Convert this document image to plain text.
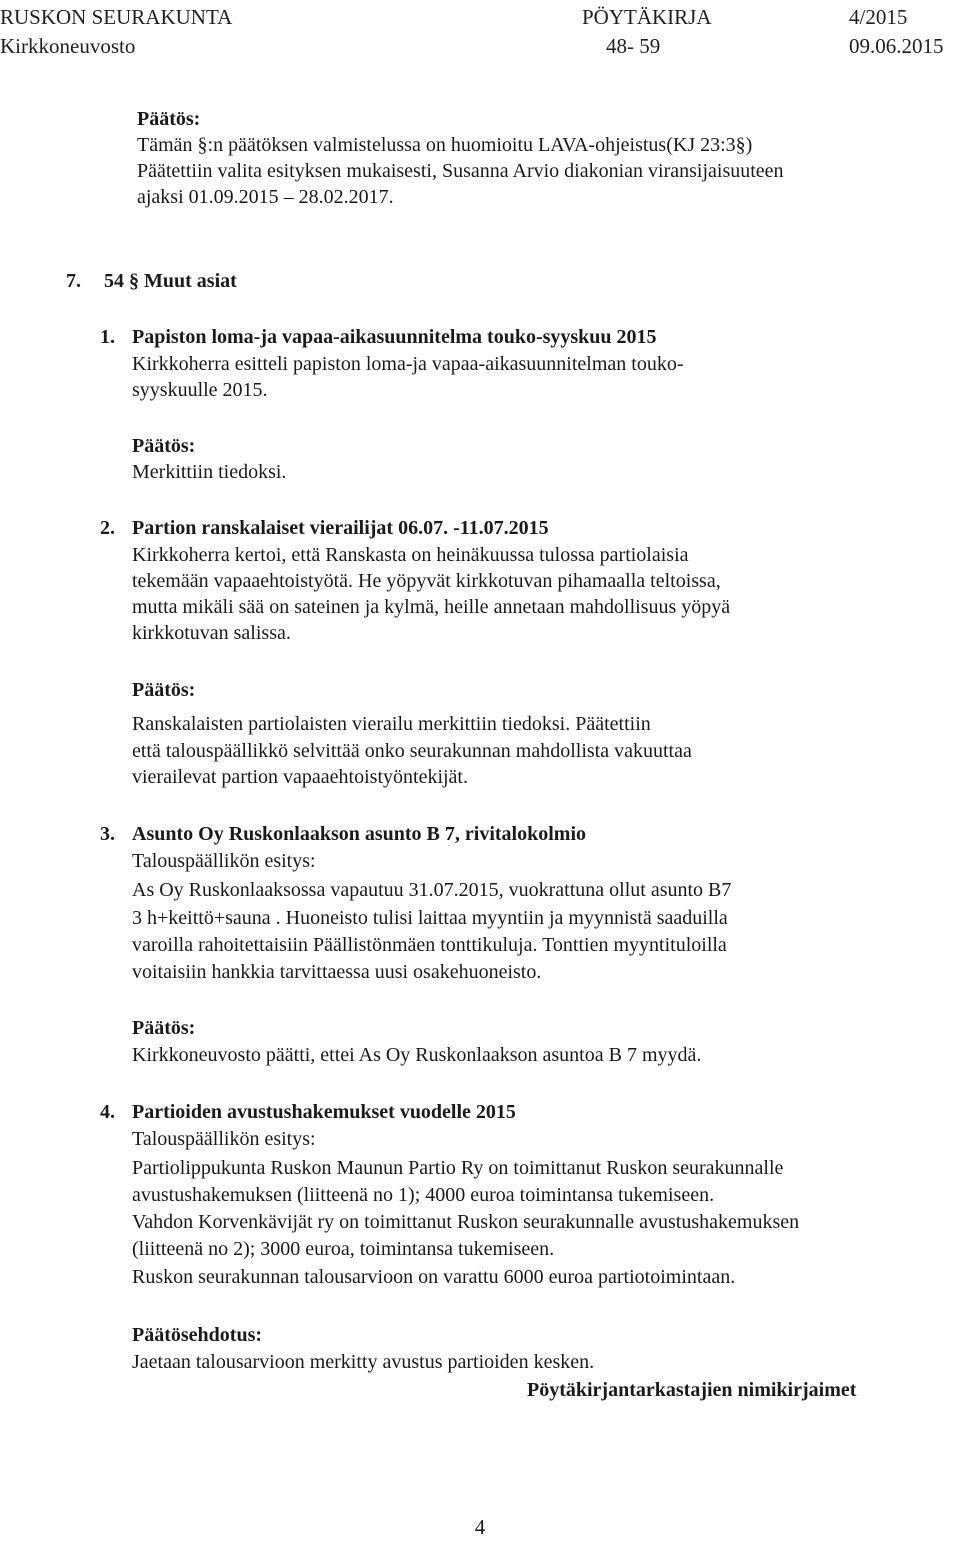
RUSKON SEURAKUNTA	PÖYTÄKIRJA	4/2015
Kirkkoneuvosto	48- 59	09.06.2015
Päätös:
Tämän §:n päätöksen valmistelussa on huomioitu LAVA-ohjeistus(KJ 23:3§)
Päätettiin valita esityksen mukaisesti, Susanna Arvio diakonian viransijaisuuteen
ajaksi 01.09.2015 – 28.02.2017.
7. 54 § Muut asiat
1. Papiston loma-ja vapaa-aikasuunnitelma touko-syyskuu 2015
Kirkkoherra esitteli papiston loma-ja vapaa-aikasuunnitelman touko-
syyskuulle 2015.
Päätös:
Merkittiin tiedoksi.
2. Partion ranskalaiset vierailijat 06.07. -11.07.2015
Kirkkoherra kertoi, että Ranskasta on heinäkuussa tulossa partiolaisia
tekemään vapaaehtoistyötä. He yöpyvät kirkkotuvan pihamaalla teltoissa,
mutta mikäli sää on sateinen ja kylmä, heille annetaan mahdollisuus yöpyä
kirkkotuvan salissa.
Päätös:
Ranskalaisten partiolaisten vierailu merkittiin tiedoksi. Päätettiin
että talouspäällikkö selvittää onko seurakunnan mahdollista vakuuttaa
vierailevat partion vapaaehtoistyöntekijät.
3. Asunto Oy Ruskonlaakson asunto B 7, rivitalokolmio
Talouspäällikön esitys:
As Oy Ruskonlaaksossa vapautuu 31.07.2015, vuokrattuna ollut asunto B7
3 h+keittö+sauna . Huoneisto tulisi laittaa myyntiin ja myynnistä saaduilla
varoilla rahoitettaisiin Päällistönmäen tonttikuluja. Tonttien myyntituloilla
voitaisiin hankkia tarvittaessa uusi osakehuoneisto.
Päätös:
Kirkkoneuvosto päätti, ettei As Oy Ruskonlaakson asuntoa B 7 myydä.
4. Partioiden avustushakemukset vuodelle 2015
Talouspäällikön esitys:
Partiolippukunta Ruskon Maunun Partio Ry on toimittanut Ruskon seurakunnalle
avustushakemuksen (liitteenä no 1); 4000 euroa toimintansa tukemiseen.
Vahdon Korvenkävijät ry on toimittanut Ruskon seurakunnalle avustushakemuksen
(liitteenä no 2); 3000 euroa, toimintansa tukemiseen.
Ruskon seurakunnan talousarvioon on varattu 6000 euroa partiotoimintaan.
Päätösehdotus:
Jaetaan talousarvioon merkitty avustus partioiden kesken.
Pöytäkirjantarkastajien nimikirjaimet
4
